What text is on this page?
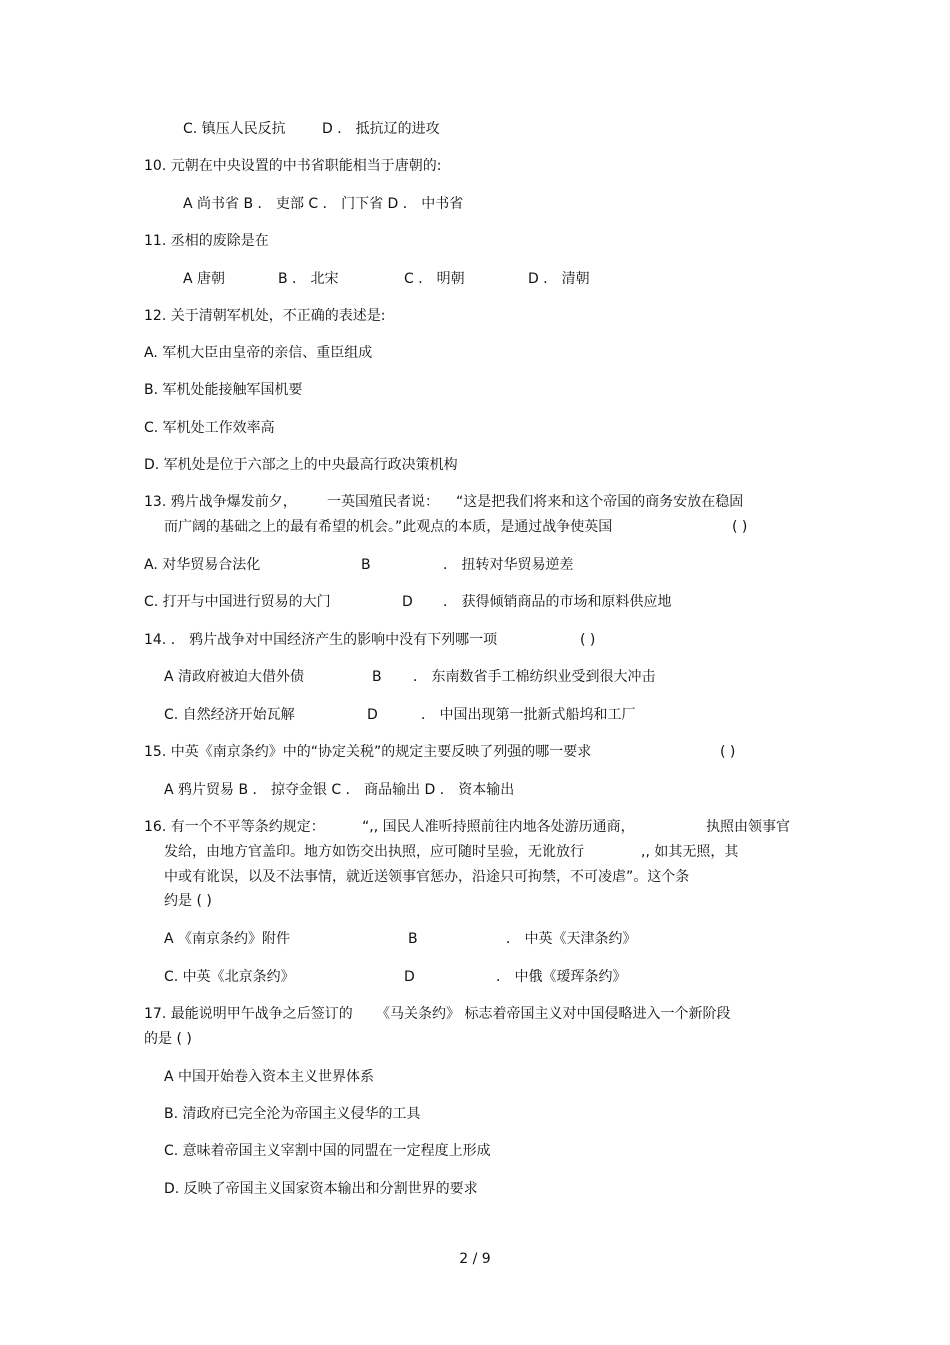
C. 镇压人民反抗	D ． 抵抗辽的进攻
10. 元朝在中央设置的中书省职能相当于唐朝的:
A 尚书省 B ． 吏部 C ． 门下省 D ． 中书省
11. 丞相的废除是在
A 唐朝	B ． 北宋	C ． 明朝	D ． 清朝
12. 关于清朝军机处，不正确的表述是:
A. 军机大臣由皇帝的亲信、重臣组成
B. 军机处能接触军国机要
C. 军机处工作效率高
D. 军机处是位于六部之上的中央最高行政决策机构
13. 鸦片战争爆发前夕， 一英国殖民者说： “这是把我们将来和这个帝国的商务安放在稳固
而广阔的基础之上的最有希望的机会。”此观点的本质，是通过战争使英国	( )
A. 对华贸易合法化	B	． 扭转对华贸易逆差
C. 打开与中国进行贸易的大门	D ． 获得倾销商品的市场和原料供应地
14. ． 鸦片战争对中国经济产生的影响中没有下列哪一项	( )
A 清政府被迫大借外债	B ． 东南数省手工棉纺织业受到很大冲击
C. 自然经济开始瓦解	D	． 中国出现第一批新式船坞和工厂
15. 中英《南京条约》中的“协定关税”的规定主要反映了列强的哪一要求	( )
A 鸦片贸易 B ． 掠夺金银 C ． 商品输出 D ． 资本输出
16. 有一个不平等条约规定：	“,, 国民人准听持照前往内地各处游历通商，	执照由领事官
发给，由地方官盖印。地方如饬交出执照，应可随时呈验，无讹放行	,, 如其无照，其
中或有讹误，以及不法事情，就近送领事官惩办，沿途只可拘禁，不可凌虐”。这个条
约是 ( )
A 《南京条约》附件	B	． 中英《天津条约》
C. 中英《北京条约》	D	． 中俄《瑷珲条约》
17. 最能说明甲午战争之后签订的 《马关条约》 标志着帝国主义对中国侵略进入一个新阶段
的是 ( )
A 中国开始卷入资本主义世界体系
B. 清政府已完全沦为帝国主义侵华的工具
C. 意味着帝国主义宰割中国的同盟在一定程度上形成
D. 反映了帝国主义国家资本输出和分割世界的要求
2 / 9
